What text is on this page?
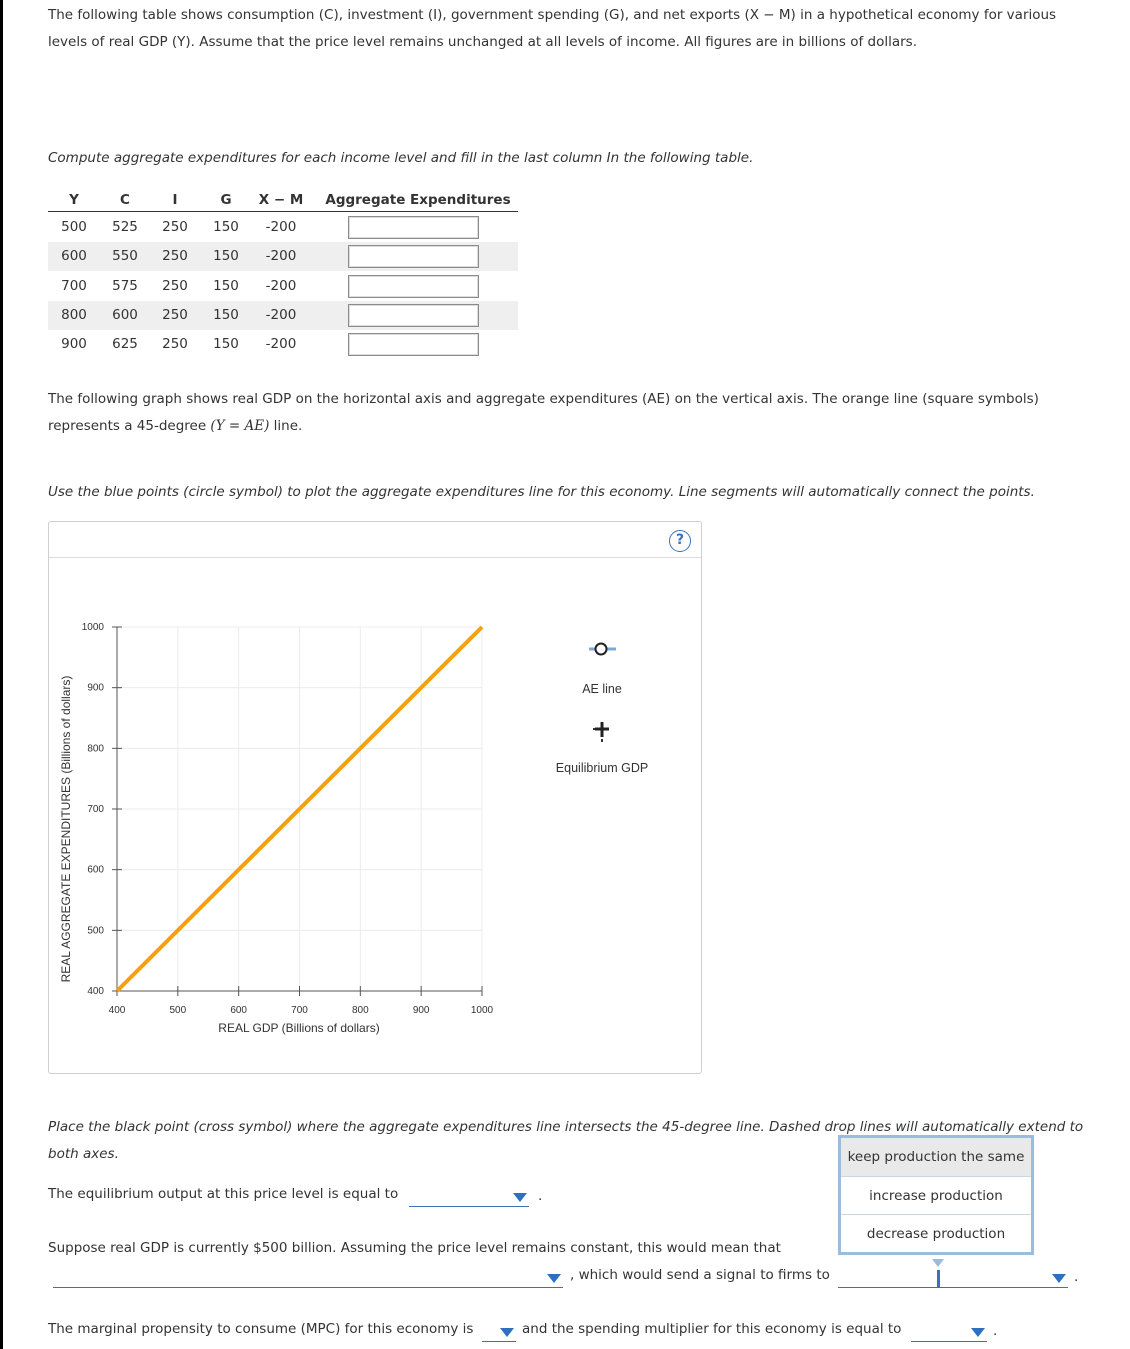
The following table shows consumption (C), investment (I), government spending (G), and net exports (X − M) in a hypothetical economy for various levels of real GDP (Y). Assume that the price level remains unchanged at all levels of income. All figures are in billions of dollars.

Compute aggregate expenditures for each income level and fill in the last column In the following table.

Y	C	I	G	X − M	Aggregate Expenditures
500	525	250	150	-200
600	550	250	150	-200
700	575	250	150	-200
800	600	250	150	-200
900	625	250	150	-200

The following graph shows real GDP on the horizontal axis and aggregate expenditures (AE) on the vertical axis. The orange line (square symbols) represents a 45-degree (Y = AE) line.

Use the blue points (circle symbol) to plot the aggregate expenditures line for this economy. Line segments will automatically connect the points.

?
400	500	600	700	800	900	1000
400
500
600
700
800
900
1000
REAL GDP (Billions of dollars)
REAL AGGREGATE EXPENDITURES (Billions of dollars)	AE line
Equilibrium GDP

Place the black point (cross symbol) where the aggregate expenditures line intersects the 45-degree line. Dashed drop lines will automatically extend to both axes.

The equilibrium output at this price level is equal to	.

Suppose real GDP is currently $500 billion. Assuming the price level remains constant, this would mean that

, which would send a signal to firms to	.

The marginal propensity to consume (MPC) for this economy is	and the spending multiplier for this economy is equal to	.
keep production the same
increase production
decrease production
